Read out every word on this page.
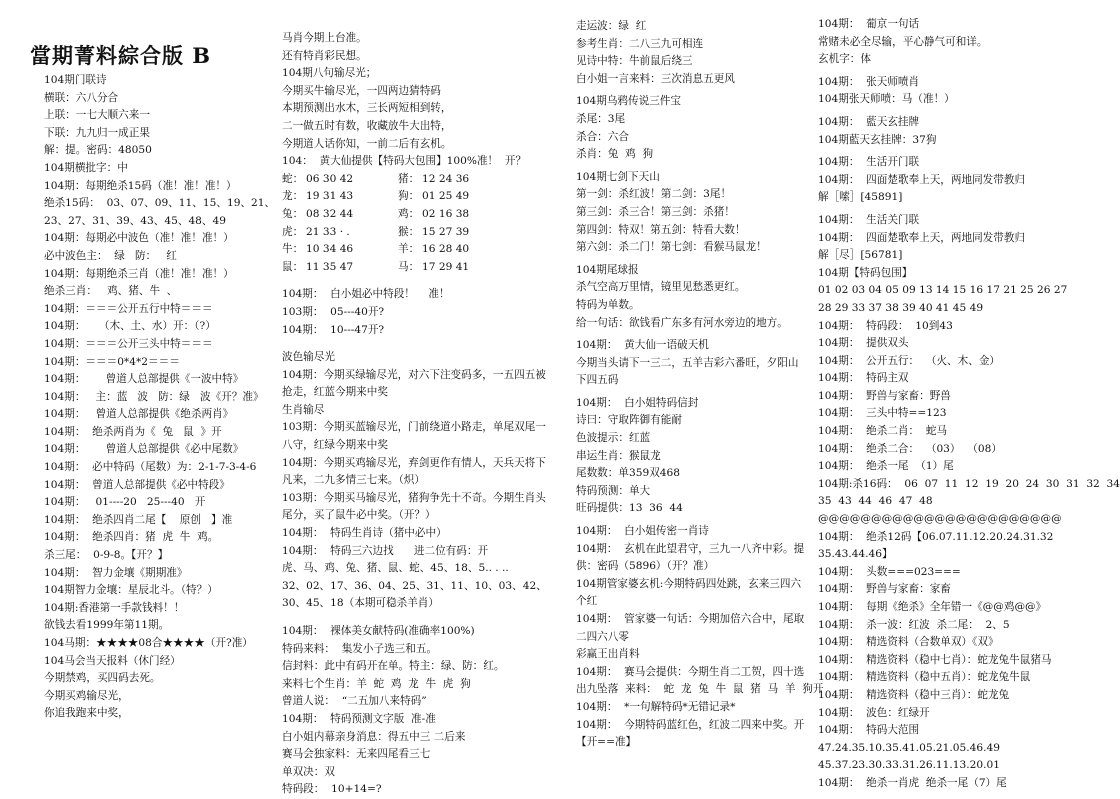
當期菁料綜合版 B
104期门联诗
横联：六八分合
上联：一七大顺六来一
下联：九九归一成正果
解：提。密码：48050
104期横批字：中
104期：每期绝杀15码（准！准！准！）
绝杀15码：  03、07、09、11、15、19、21、
23、27、31、39、43、45、48、49
104期：每期必中波色（准！准！准！）
必中波色主：  绿   防：   红
104期：每期绝杀三肖（准！准！准！）
绝杀三肖：   鸡、猪、牛  、
104期：＝＝＝公开五行中特＝＝＝
104期：    （木、土、水）开：（?）
104期：＝＝＝公开三头中特＝＝＝
104期：＝＝＝0*4*2＝＝＝
104期：      曾道人总部提供《一波中特》
104期：   主：蓝   波   防：绿   波《开？准》
104期：   曾道人总部提供《绝杀两肖》
104期：  绝杀两肖为《  兔   鼠  》开
104期：      曾道人总部提供《必中尾数》
104期：  必中特码（尾数）为：2-1-7-3-4-6
104期：  曾道人总部提供《必中特段》
104期：   01----20   25---40   开
104期：  绝杀四肖二尾【    原创   】准
104期：  绝杀四肖：猪  虎  牛  鸡。
杀三尾：  0-9-8。【开？】
104期：  智力金壤《期期准》
104期智力金壤：星辰北斗。（特？）
104期:香港第一手款钱料！！
欲钱去看1999年第11期。
104马期：★★★★08合★★★★（开?准）
104马会当天报料（休门经）
今期禁鸡，买四码去死。
今期买鸡输尽光，
你追我跑来中奖，
马肖今期上台准。
还有特肖彩民想。
104期八句输尽光；
今期买牛输尽光，一四两边猜特码
本期预测出水木，三长两短相到转，
二一做五时有数，收藏放牛大出特，
今期道人话你知，一前二后有玄机。
104：  黄大仙提供【特码大包围】100%准！  开？
蛇：	06 30 42	猪：	12 24 36
龙：	19 31 43	狗：	01 25 49
兔：	08 32 44	鸡：	02 16 38
虎：	21 33 · .	猴：	15 27 39
牛：	10 34 46	羊：	16 28 40
鼠：	11 35 47	马：	17 29 41
104期：  白小姐必中特段！    准！
103期：  05---40开?
104期：  10---47开?
波色输尽光
104期：今期买绿输尽光，对六下注变码多，一五四五被
抢走，红蓝今期来中奖
生肖输尽
103期：今期买蓝输尽光，门前绕道小路走，单尾双尾一
八守，红绿今期来中奖
104期：今期买鸡输尽光，弃剑更作有情人，天兵天将下
凡来，二九多情三七来。（炽）
103期：今期买马输尽光，猪狗争先十不奇。今期生肖头
尾分，买了鼠牛必中奖。（开？）
104期：  特码生肖诗（猪中必中）
104期：  特码三六边找      进二位有码：开
虎、马、鸡、兔、猪、鼠、蛇、45、18、5.. . ..
32、02、17、36、04、25、31、11、10、03、42、
30、45、18（本期可稳杀羊肖）
104期：  裸体美女献特码(准确率100%)
特码来料：  集发小子选三和五。
信封料：此中有码开在单。特主：绿、防：红。
来料七个生肖：羊  蛇  鸡  龙  牛  虎  狗
曾道人说：  “二五加八来特码”
104期：  特码预测文字版  准-准
白小姐内幕亲身消息：得五中三 二后来
赛马会独家料：无来四尾看三七
单双决：双
特码段：  10+14=?
走运波：绿  红
参考生肖：二八三九可相连
见诗中特：牛前鼠后绕三
白小姐一言来料：三次消息五更风
104期乌鸦传说三件宝
杀尾：3尾
杀合：六合
杀肖：兔  鸡  狗
104期七剑下天山
第一剑：杀红波！第二剑：3尾！
第三剑：杀三合！第三剑：杀猪！
第四剑：特双！第五剑：特看大数！
第六剑：杀二门！第七剑：看猴马鼠龙！
104期尾球报
杀气空高万里情，镜里见愁悉更红。
特码为单数。
给一句话：欲钱看广东多有河水旁边的地方。
104期：  黄大仙一语破天机
今期当头请下一三二，五羊吉彩六番旺，夕阳山
下四五码
104期：  白小姐特码信封
诗曰：守取阵御有能耐
色波提示：红蓝
串运生肖：猴鼠龙
尾数数：单359双468
特码预测：单大
旺码提供：13  36  44
104期：  白小姐传密一肖诗
104期：  玄机在此望君守，三九一八齐中彩。提
供：密码（5896）（开？准）
104期管家婆玄机:今期特码四处跳，玄来三四六
个红
104期：  管家婆一句话：今期加倍六合中，尾取
二四六八零
彩赢王出肖料
104期：  赛马会提供：今期生肖二工贺，四十选
出九坠落  来料：  蛇  龙  兔  牛  鼠  猪  马  羊  狗开
104期：  *一句解特码*无错记录*
104期：  今期特码蓝红色，红波二四来中奖。开
【开==准】
104期：  葡京一句话
常赌未必全尽输，平心静气可和详。
玄机字：体
104期：  张天师喷肖
104期张天师喷：马（准！）
104期：  藍天玄挂牌
104期藍天玄挂牌：37狗
104期：  生活开门联
104期：  四面楚歌奉上天，两地同发带教归
解［嗦］[45891]
104期：  生活关门联
104期：  四面楚歌奉上天，两地同发带教归
解［尽］[56781]
104期【特码包围】
01 02 03 04 05 09 13 14 15 16 17 21 25 26 27
28 29 33 37 38 39 40 41 45 49
104期：  特码段：  10到43
104期：  提供双头
104期：  公开五行：  （火、木、金）
104期：  特码主双
104期：  野兽与家畜：野兽
104期：  三头中特==123
104期：  绝杀二肖：  蛇马
104期：  绝杀二合：  （03）  （08）
104期：  绝杀一尾  （1）尾
104期:杀16码：  06  07  11  12  19  20  24  30  31  32  34
35  43  44  46  47  48
@@@@@@@@@@@@@@@@@@@@@@@
104期：  绝杀12码【06.07.11.12.20.24.31.32
35.43.44.46】
104期：  头数===023===
104期：  野兽与家畜：家畜
104期：  每期《绝杀》全年错一《@@鸡@@》
104期：  杀一波：红波  杀二尾：  2、5
104期：  精选资料（合数单双）《双》
104期：  精选资料（稳中七肖）：蛇龙兔牛鼠猪马
104期：  精选资料（稳中五肖）：蛇龙兔牛鼠
104期：  精选资料（稳中三肖）：蛇龙兔
104期：  波色：红绿开
104期：  特码大范围
47.24.35.10.35.41.05.21.05.46.49
45.37.23.30.33.31.26.11.13.20.01
104期：  绝杀一肖虎  绝杀一尾（7）尾
